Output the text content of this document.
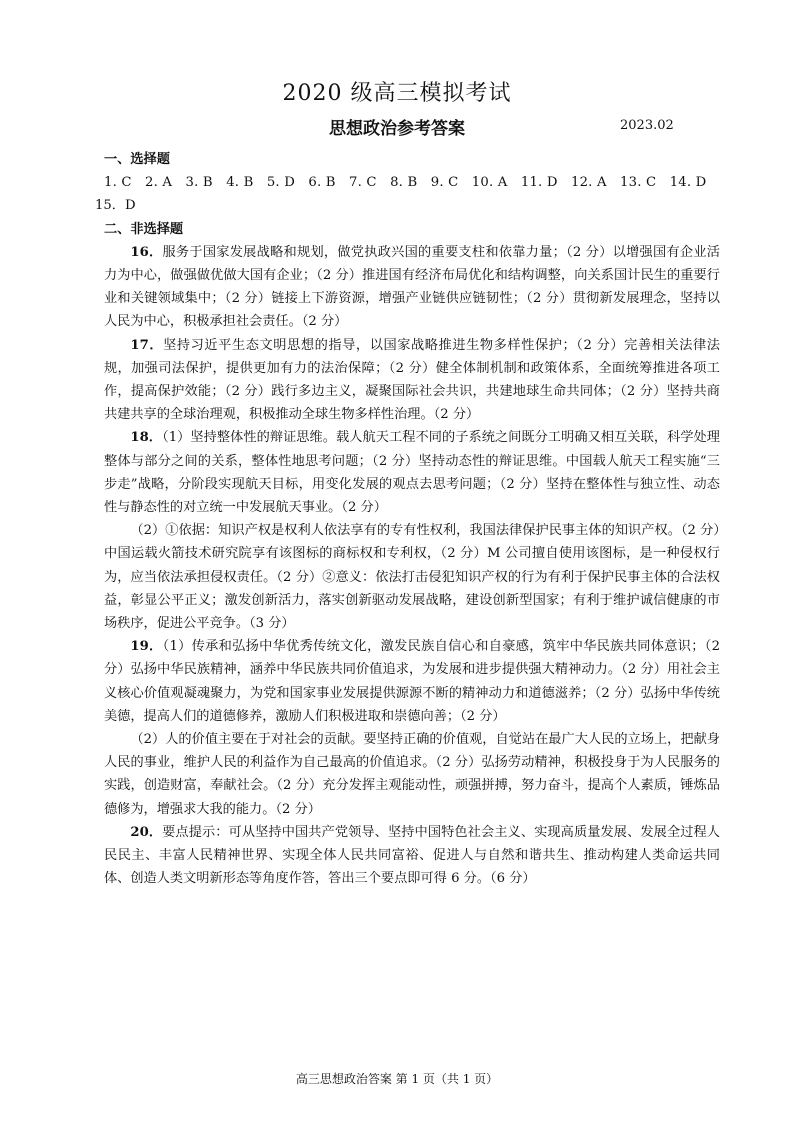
2020 级高三模拟考试
思想政治参考答案	2023.02

一、选择题

1. C　2. A　3. B　4. B　5. D　6. B　7. C　8. B　9. C　10. A　11. D　12. A　13. C　14. D

15．D

二、非选择题

16．服务于国家发展战略和规划，做党执政兴国的重要支柱和依靠力量；（2 分）以增强国有企业活力为中心，做强做优做大国有企业；（2 分）推进国有经济布局优化和结构调整，向关系国计民生的重要行业和关键领域集中；（2 分）链接上下游资源，增强产业链供应链韧性；（2 分）贯彻新发展理念，坚持以人民为中心，积极承担社会责任。（2 分）

17．坚持习近平生态文明思想的指导，以国家战略推进生物多样性保护；（2 分）完善相关法律法规，加强司法保护，提供更加有力的法治保障；（2 分）健全体制机制和政策体系，全面统筹推进各项工作，提高保护效能；（2 分）践行多边主义，凝聚国际社会共识，共建地球生命共同体；（2 分）坚持共商共建共享的全球治理观，积极推动全球生物多样性治理。（2 分）

18．（1）坚持整体性的辩证思维。载人航天工程不同的子系统之间既分工明确又相互关联，科学处理整体与部分之间的关系，整体性地思考问题；（2 分）坚持动态性的辩证思维。中国载人航天工程实施“三步走”战略，分阶段实现航天目标，用变化发展的观点去思考问题；（2 分）坚持在整体性与独立性、动态性与静态性的对立统一中发展航天事业。（2 分）

（2）①依据：知识产权是权利人依法享有的专有性权利，我国法律保护民事主体的知识产权。（2 分）中国运载火箭技术研究院享有该图标的商标权和专利权，（2 分）M 公司擅自使用该图标，是一种侵权行为，应当依法承担侵权责任。（2 分）②意义：依法打击侵犯知识产权的行为有利于保护民事主体的合法权益，彰显公平正义；激发创新活力，落实创新驱动发展战略，建设创新型国家；有利于维护诚信健康的市场秩序，促进公平竞争。（3 分）

19．（1）传承和弘扬中华优秀传统文化，激发民族自信心和自豪感，筑牢中华民族共同体意识；（2 分）弘扬中华民族精神，涵养中华民族共同价值追求，为发展和进步提供强大精神动力。（2 分）用社会主义核心价值观凝魂聚力，为党和国家事业发展提供源源不断的精神动力和道德滋养；（2 分）弘扬中华传统美德，提高人们的道德修养，激励人们积极进取和崇德向善；（2 分）

（2）人的价值主要在于对社会的贡献。要坚持正确的价值观，自觉站在最广大人民的立场上，把献身人民的事业，维护人民的利益作为自己最高的价值追求。（2 分）弘扬劳动精神，积极投身于为人民服务的实践，创造财富，奉献社会。（2 分）充分发挥主观能动性，顽强拼搏，努力奋斗，提高个人素质，锤炼品德修为，增强求大我的能力。（2 分）

20．要点提示：可从坚持中国共产党领导、坚持中国特色社会主义、实现高质量发展、发展全过程人民民主、丰富人民精神世界、实现全体人民共同富裕、促进人与自然和谐共生、推动构建人类命运共同体、创造人类文明新形态等角度作答，答出三个要点即可得 6 分。（6 分）

高三思想政治答案 第 1 页（共 1 页）
